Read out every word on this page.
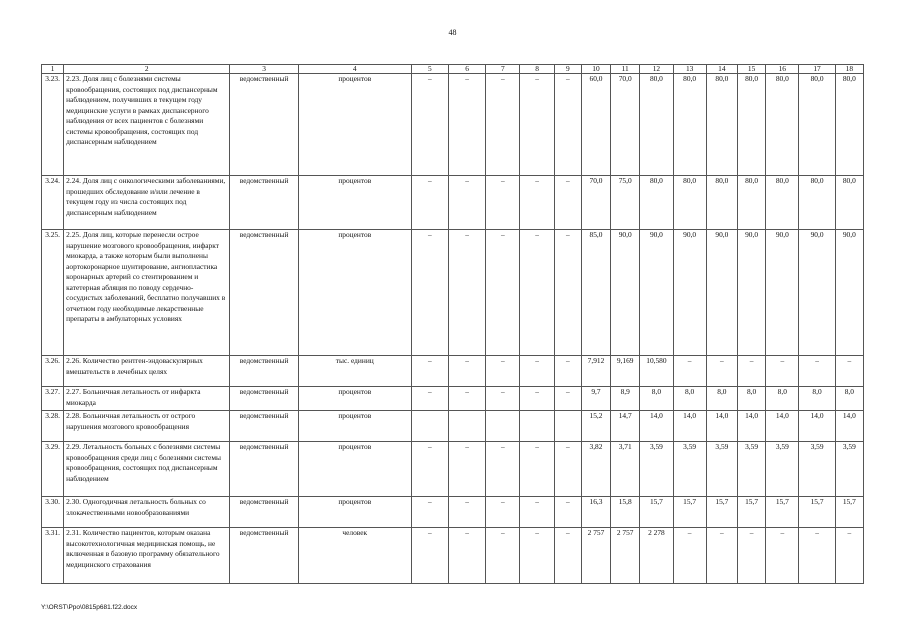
48
1	2	3	4	5	6	7	8	9	10	11	12	13	14	15	16	17	18
3.23.	2.23. Доля лиц с болезнями системы кровообращения, состоящих под диспансерным наблюдением, получивших в текущем году медицинские услуги в рамках диспансерного наблюдения от всех пациентов с болезнями системы кровообращения, состоящих под диспансерным наблюдением	ведомственный	процентов	–	–	–	–	–	60,0	70,0	80,0	80,0	80,0	80,0	80,0	80,0	80,0
3.24.	2.24. Доля лиц с онкологическими заболеваниями, прошедших обследование и/или лечение в текущем году из числа состоящих под диспансерным наблюдением	ведомственный	процентов	–	–	–	–	–	70,0	75,0	80,0	80,0	80,0	80,0	80,0	80,0	80,0
3.25.	2.25. Доля лиц, которые перенесли острое нарушение мозгового кровообращения, инфаркт миокарда, а также которым были выполнены аортокоронарное шунтирование, ангиопластика коронарных артерий со стентированием и катетерная абляция по поводу сердечно-сосудистых заболеваний, бесплатно получавших в отчетном году необходимые лекарственные препараты в амбулаторных условиях	ведомственный	процентов	–	–	–	–	–	85,0	90,0	90,0	90,0	90,0	90,0	90,0	90,0	90,0
3.26.	2.26. Количество рентген-эндоваскулярных вмешательств в лечебных целях	ведомственный	тыс. единиц	–	–	–	–	–	7,912	9,169	10,580	–	–	–	–	–	–
3.27.	2.27. Больничная летальность от инфаркта миокарда	ведомственный	процентов	–	–	–	–	–	9,7	8,9	8,0	8,0	8,0	8,0	8,0	8,0	8,0
3.28.	2.28. Больничная летальность от острого нарушения мозгового кровообращения	ведомственный	процентов						15,2	14,7	14,0	14,0	14,0	14,0	14,0	14,0	14,0
3.29.	2.29. Летальность больных с болезнями системы кровообращения среди лиц с болезнями системы кровообращения, состоящих под диспансерным наблюдением	ведомственный	процентов	–	–	–	–	–	3,82	3,71	3,59	3,59	3,59	3,59	3,59	3,59	3,59
3.30.	2.30. Одногодичная летальность больных со злокачественными новообразованиями	ведомственный	процентов	–	–	–	–	–	16,3	15,8	15,7	15,7	15,7	15,7	15,7	15,7	15,7
3.31.	2.31. Количество пациентов, которым оказана высокотехнологичная медицинская помощь, не включенная в базовую программу обязательного медицинского страхования	ведомственный	человек	–	–	–	–	–	2 757	2 757	2 278	–	–	–	–	–	–
Y:\ORST\Ppo\0815p681.f22.docx
